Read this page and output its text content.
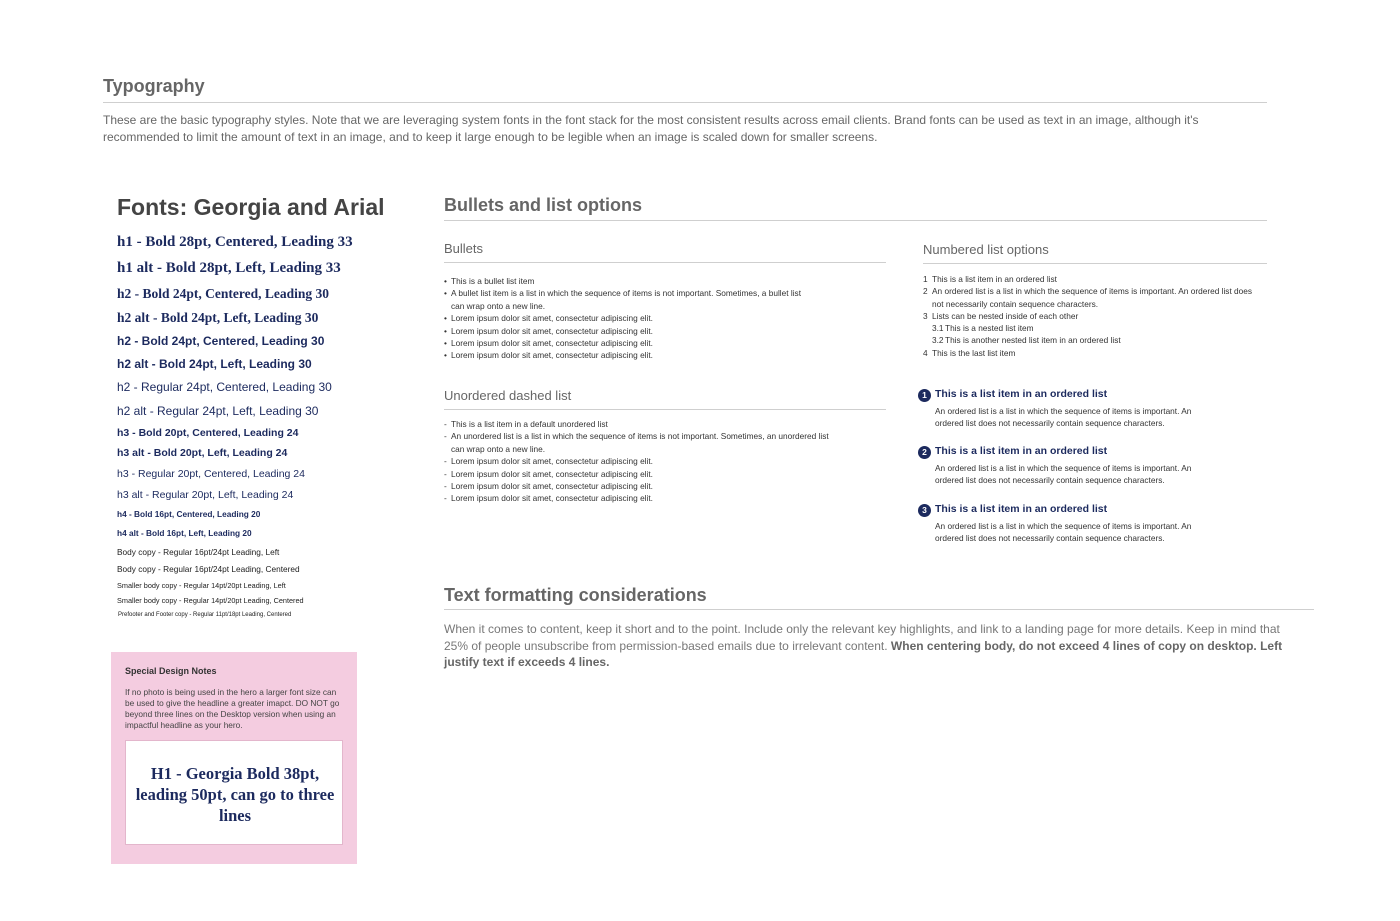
Typography
These are the basic typography styles. Note that we are leveraging system fonts in the font stack for the most consistent results across email clients. Brand fonts can be used as text in an image, although it's recommended to limit the amount of text in an image, and to keep it large enough to be legible when an image is scaled down for smaller screens.
Fonts: Georgia and Arial
h1 - Bold 28pt, Centered, Leading 33
h1 alt - Bold 28pt, Left, Leading 33
h2 - Bold 24pt, Centered, Leading 30
h2 alt - Bold 24pt, Left, Leading 30
h2 - Bold 24pt, Centered, Leading 30
h2 alt - Bold 24pt, Left, Leading 30
h2 - Regular 24pt, Centered, Leading 30
h2 alt - Regular 24pt, Left, Leading 30
h3 - Bold 20pt, Centered, Leading 24
h3 alt - Bold 20pt, Left, Leading 24
h3 - Regular 20pt, Centered, Leading 24
h3 alt - Regular 20pt, Left, Leading 24
h4 - Bold 16pt, Centered, Leading 20
h4 alt - Bold 16pt, Left, Leading 20
Body copy - Regular 16pt/24pt Leading, Left
Body copy - Regular 16pt/24pt Leading, Centered
Smaller body copy - Regular 14pt/20pt Leading, Left
Smaller body copy - Regular 14pt/20pt Leading, Centered
Prefooter and Footer copy - Regular 11pt/18pt Leading, Centered
Special Design Notes
If no photo is being used in the hero a larger font size can be used to give the headline a greater imapct. DO NOT go beyond three lines on the Desktop version when using an impactful headline as your hero.
H1 - Georgia Bold 38pt, leading 50pt, can go to three lines
Bullets and list options
Bullets
• This is a bullet list item
• A bullet list item is a list in which the sequence of items is not important. Sometimes, a bullet list can wrap onto a new line.
• Lorem ipsum dolor sit amet, consectetur adipiscing elit.
• Lorem ipsum dolor sit amet, consectetur adipiscing elit.
• Lorem ipsum dolor sit amet, consectetur adipiscing elit.
• Lorem ipsum dolor sit amet, consectetur adipiscing elit.
Unordered dashed list
- This is a list item in a default unordered list
- An unordered list is a list in which the sequence of items is not important. Sometimes, an unordered list can wrap onto a new line.
- Lorem ipsum dolor sit amet, consectetur adipiscing elit.
- Lorem ipsum dolor sit amet, consectetur adipiscing elit.
- Lorem ipsum dolor sit amet, consectetur adipiscing elit.
- Lorem ipsum dolor sit amet, consectetur adipiscing elit.
Numbered list options
1 This is a list item in an ordered list
2 An ordered list is a list in which the sequence of items is important. An ordered list does not necessarily contain sequence characters.
3 Lists can be nested inside of each other
3.1 This is a nested list item
3.2 This is another nested list item in an ordered list
4 This is the last list item
1 This is a list item in an ordered list
An ordered list is a list in which the sequence of items is important. An ordered list does not necessarily contain sequence characters.
2 This is a list item in an ordered list
An ordered list is a list in which the sequence of items is important. An ordered list does not necessarily contain sequence characters.
3 This is a list item in an ordered list
An ordered list is a list in which the sequence of items is important. An ordered list does not necessarily contain sequence characters.
Text formatting considerations
When it comes to content, keep it short and to the point. Include only the relevant key highlights, and link to a landing page for more details. Keep in mind that 25% of people unsubscribe from permission-based emails due to irrelevant content. When centering body, do not exceed 4 lines of copy on desktop. Left justify text if exceeds 4 lines.
